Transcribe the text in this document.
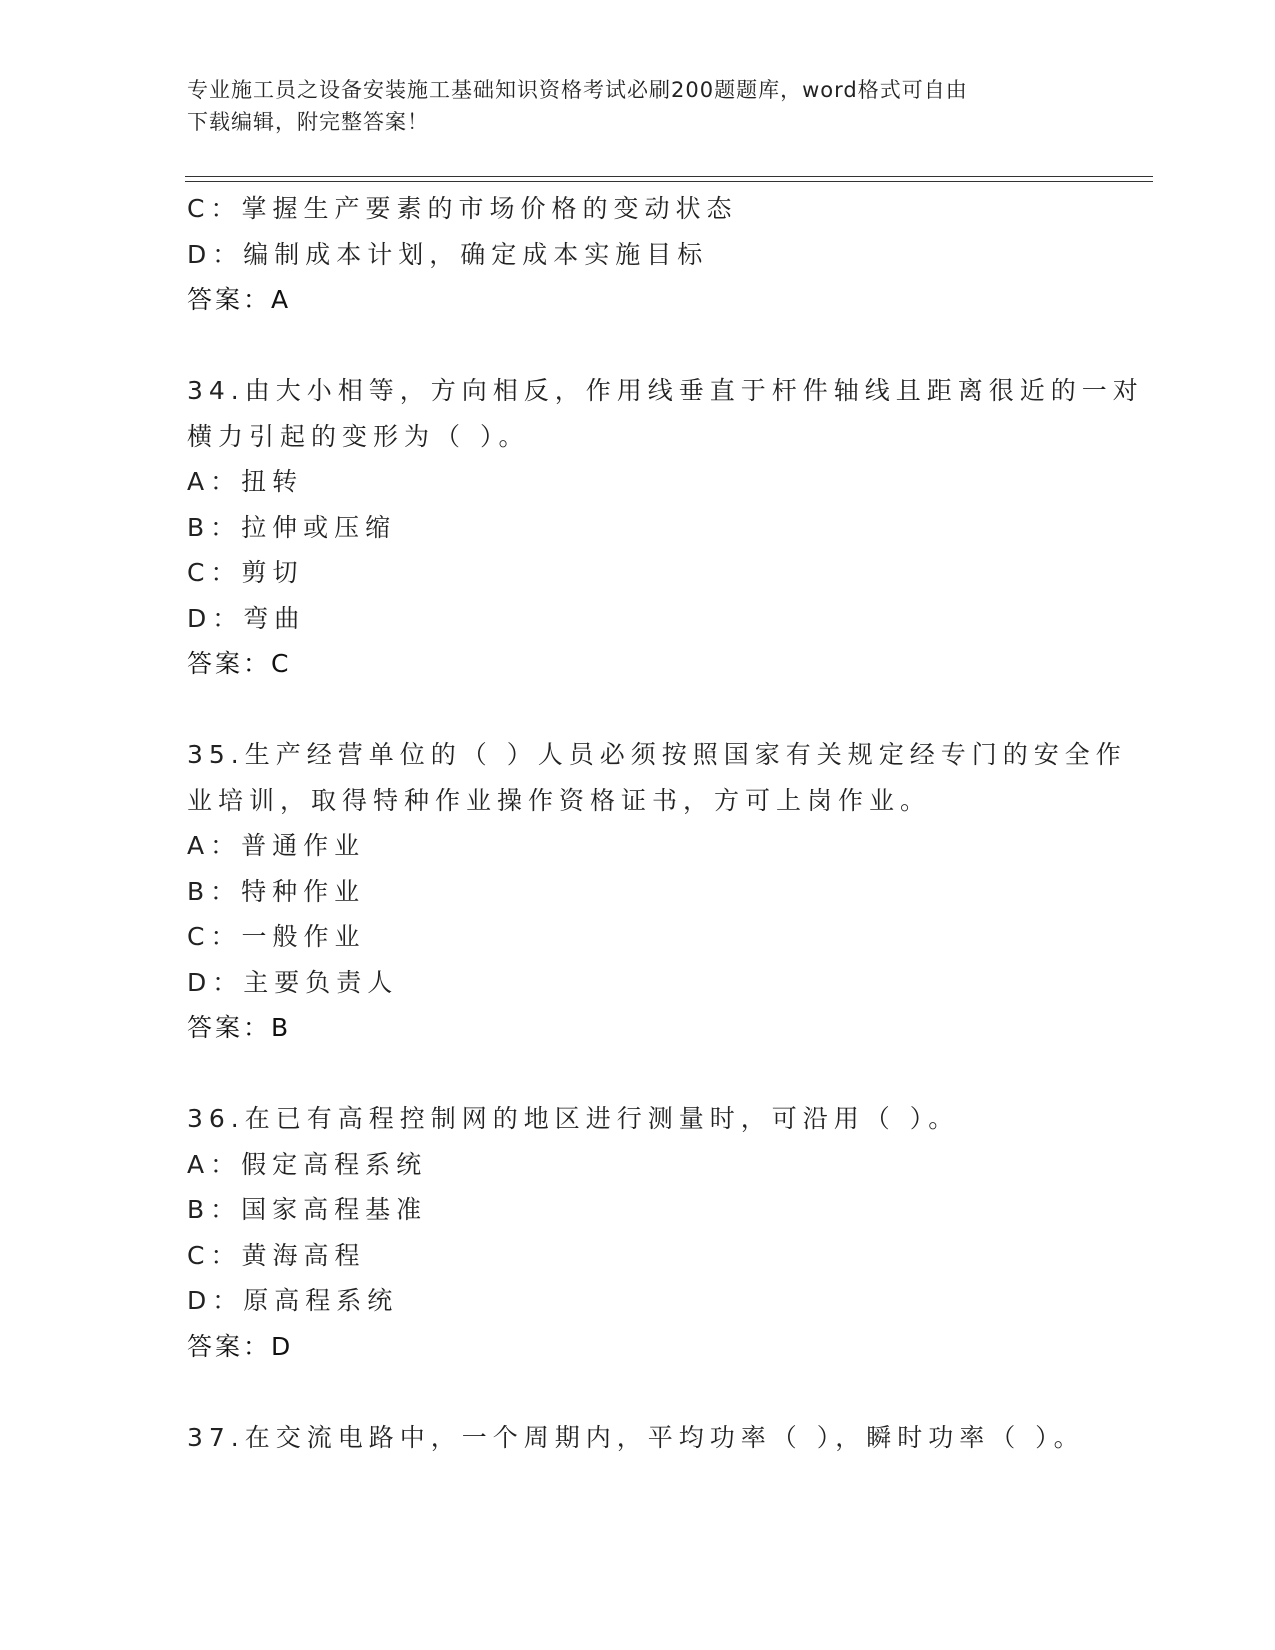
专业施工员之设备安装施工基础知识资格考试必刷200题题库，word格式可自由
下载编辑，附完整答案！
C：掌握生产要素的市场价格的变动状态
D：编制成本计划，确定成本实施目标
答案：A
34.由大小相等，方向相反，作用线垂直于杆件轴线且距离很近的一对
横力引起的变形为（ ）。
A：扭转
B：拉伸或压缩
C：剪切
D：弯曲
答案：C
35.生产经营单位的（ ）人员必须按照国家有关规定经专门的安全作
业培训，取得特种作业操作资格证书，方可上岗作业。
A：普通作业
B：特种作业
C：一般作业
D：主要负责人
答案：B
36.在已有高程控制网的地区进行测量时，可沿用（ ）。
A：假定高程系统
B：国家高程基准
C：黄海高程
D：原高程系统
答案：D
37.在交流电路中，一个周期内，平均功率（ ），瞬时功率（ ）。
